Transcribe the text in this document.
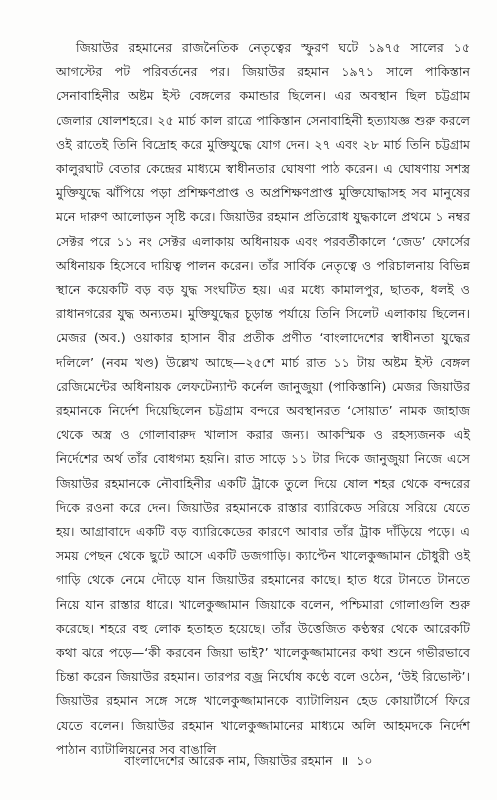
জিয়াউর রহমানের রাজনৈতিক নেতৃত্বের স্ফুরণ ঘটে ১৯৭৫ সালের ১৫ আগস্টের পট পরিবর্তনের পর। জিয়াউর রহমান ১৯৭১ সালে পাকিস্তান সেনাবাহিনীর অষ্টম ইস্ট বেঙ্গলের কমান্ডার ছিলেন। এর অবস্থান ছিল চট্টগ্রাম জেলার ষোলশহরে। ২৫ মার্চ কাল রাত্রে পাকিস্তান সেনাবাহিনী হত্যাযজ্ঞ শুরু করলে ওই রাতেই তিনি বিদ্রোহ করে মুক্তিযুদ্ধে যোগ দেন। ২৭ এবং ২৮ মার্চ তিনি চট্টগ্রাম কালুরঘাট বেতার কেন্দ্রের মাধ্যমে স্বাধীনতার ঘোষণা পাঠ করেন। এ ঘোষণায় সশস্ত্র মুক্তিযুদ্ধে ঝাঁপিয়ে পড়া প্রশিক্ষণপ্রাপ্ত ও অপ্রশিক্ষণপ্রাপ্ত মুক্তিযোদ্ধাসহ সব মানুষের মনে দারুণ আলোড়ন সৃষ্টি করে। জিয়াউর রহমান প্রতিরোধ যুদ্ধকালে প্রথমে ১ নম্বর সেক্টর পরে ১১ নং সেক্টর এলাকায় অধিনায়ক এবং পরবর্তীকালে ‘জেড’ ফোর্সের অধিনায়ক হিসেবে দায়িত্ব পালন করেন। তাঁর সার্বিক নেতৃত্বে ও পরিচালনায় বিভিন্ন স্থানে কয়েকটি বড় বড় যুদ্ধ সংঘটিত হয়। এর মধ্যে কামালপুর, ছাতক, ধলই ও রাধানগরের যুদ্ধ অন্যতম। মুক্তিযুদ্ধের চূড়ান্ত পর্যায়ে তিনি সিলেট এলাকায় ছিলেন। মেজর (অব.) ওয়াকার হাসান বীর প্রতীক প্রণীত ‘বাংলাদেশের স্বাধীনতা যুদ্ধের দলিলে’ (নবম খণ্ড) উল্লেখ আছে—২৫শে মার্চ রাত ১১ টায় অষ্টম ইস্ট বেঙ্গল রেজিমেন্টের অধিনায়ক লেফটেন্যান্ট কর্নেল জানুজুয়া (পাকিস্তানি) মেজর জিয়াউর রহমানকে নির্দেশ দিয়েছিলেন চট্টগ্রাম বন্দরে অবস্থানরত ‘সোয়াত’ নামক জাহাজ থেকে অস্ত্র ও গোলাবারুদ খালাস করার জন্য। আকস্মিক ও রহস্যজনক এই নির্দেশের অর্থ তাঁর বোধগম্য হয়নি। রাত সাড়ে ১১ টার দিকে জানুজুয়া নিজে এসে জিয়াউর রহমানকে নৌবাহিনীর একটি ট্রাকে তুলে দিয়ে ষোল শহর থেকে বন্দরের দিকে রওনা করে দেন। জিয়াউর রহমানকে রাস্তার ব্যারিকেড সরিয়ে সরিয়ে যেতে হয়। আগ্রাবাদে একটি বড় ব্যারিকেডের কারণে আবার তাঁর ট্রাক দাঁড়িয়ে পড়ে। এ সময় পেছন থেকে ছুটে আসে একটি ডজগাড়ি। ক্যাপ্টেন খালেকুজ্জামান চৌধুরী ওই গাড়ি থেকে নেমে দৌড়ে যান জিয়াউর রহমানের কাছে। হাত ধরে টানতে টানতে নিয়ে যান রাস্তার ধারে। খালেকুজ্জামান জিয়াকে বলেন, পশ্চিমারা গোলাগুলি শুরু করেছে। শহরে বহু লোক হতাহত হয়েছে। তাঁর উত্তেজিত কণ্ঠস্বর থেকে আরেকটি কথা ঝরে পড়ে—‘কী করবেন জিয়া ভাই?’ খালেকুজ্জামানের কথা শুনে গভীরভাবে চিন্তা করেন জিয়াউর রহমান। তারপর বজ্র নির্ঘোষ কণ্ঠে বলে ওঠেন, ‘উই রিভোল্ট’। জিয়াউর রহমান সঙ্গে সঙ্গে খালেকুজ্জামানকে ব্যাটালিয়ন হেড কোয়ার্টার্সে ফিরে যেতে বলেন। জিয়াউর রহমান খালেকুজ্জামানের মাধ্যমে অলি আহমদকে নির্দেশ পাঠান ব্যাটালিয়নের সব বাঙালি

বাংলাদেশের আরেক নাম, জিয়াউর রহমান ॥ ১০
